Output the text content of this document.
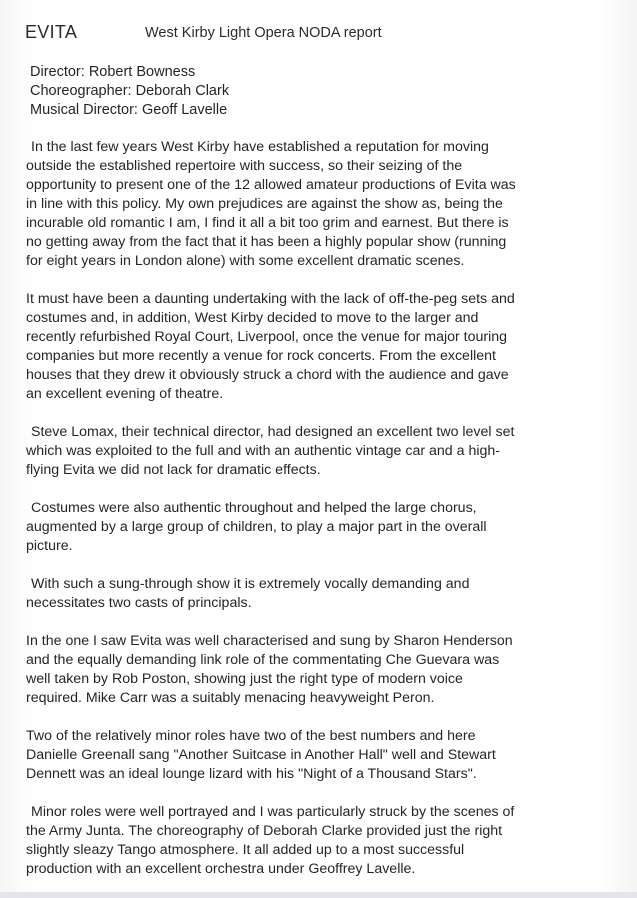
EVITA	West Kirby Light Opera NODA report
Director: Robert Bowness
Choreographer: Deborah Clark
Musical Director: Geoff Lavelle

In the last few years West Kirby have established a reputation for moving
outside the established repertoire with success, so their seizing of the
opportunity to present one of the 12 allowed amateur productions of Evita was
in line with this policy. My own prejudices are against the show as, being the
incurable old romantic I am, I find it all a bit too grim and earnest. But there is
no getting away from the fact that it has been a highly popular show (running
for eight years in London alone) with some excellent dramatic scenes.

It must have been a daunting undertaking with the lack of off-the-peg sets and
costumes and, in addition, West Kirby decided to move to the larger and
recently refurbished Royal Court, Liverpool, once the venue for major touring
companies but more recently a venue for rock concerts. From the excellent
houses that they drew it obviously struck a chord with the audience and gave
an excellent evening of theatre.

Steve Lomax, their technical director, had designed an excellent two level set
which was exploited to the full and with an authentic vintage car and a high-
flying Evita we did not lack for dramatic effects.

Costumes were also authentic throughout and helped the large chorus,
augmented by a large group of children, to play a major part in the overall
picture.

With such a sung-through show it is extremely vocally demanding and
necessitates two casts of principals.

In the one I saw Evita was well characterised and sung by Sharon Henderson
and the equally demanding link role of the commentating Che Guevara was
well taken by Rob Poston, showing just the right type of modern voice
required. Mike Carr was a suitably menacing heavyweight Peron.

Two of the relatively minor roles have two of the best numbers and here
Danielle Greenall sang "Another Suitcase in Another Hall" well and Stewart
Dennett was an ideal lounge lizard with his "Night of a Thousand Stars".

Minor roles were well portrayed and I was particularly struck by the scenes of
the Army Junta. The choreography of Deborah Clarke provided just the right
slightly sleazy Tango atmosphere. It all added up to a most successful
production with an excellent orchestra under Geoffrey Lavelle.
